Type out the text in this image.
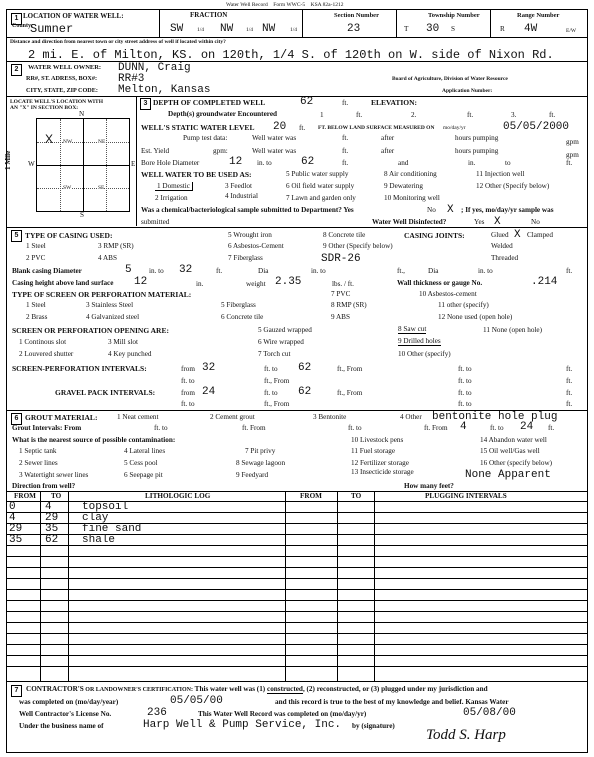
Water Well Record Form WWC-5 KSA 82a-1212
1 LOCATION OF WATER WELL:
County:
Sumner
FRACTION
SW	1/4 NW 1/4 NW	1/4
Section Number
23
Township Number
T 30 S
Range Number
R 4W	E/W
Distance and direction from nearest town or city street address of well if located within city?
2 mi. E. of Milton, KS. on 120th, 1/4 S. of 120th on W. side of Nixon Rd.
2	WATER WELL OWNER: DUNN, Craig
RR#, ST. ADRESS, BOX#: RR#3	Board of Agriculture, Division of Water Resource
CITY, STATE, ZIP CODE: Melton, Kansas	Application Number:
LOCATE WELL'S LOCATION WITH
AN "X" IN SECTION BOX:
3
NW	NE
SW	SE
X
N
S
W	E
1 Mile
DEPTH OF COMPLETED WELL	62	ft.	ELEVATION:
Depth(s) groundwater Encountered	1	ft.	2.	ft.	3.	ft.
WELL'S STATIC WATER LEVEL 20 ft. FT. BELOW LAND SURFACE MEASURED ON mo/day/yr	05/05/2000
Pump test data:	Well water was	ft.	after	hours pumping	gpm
Est. Yield	gpm:	Well water was	ft.	after	hours pumping	gpm
Bore Hole Diameter	12 in. to	62	ft.	and	in.	to	ft.
WELL WATER TO BE USED AS:
1 Domestic
2 Irrigation
3 Feedlot
4 Industrial
5 Public water supply
6 Oil field water supply
7 Lawn and garden only
8 Air conditioning
9 Dewatering
10 Monitoring well
11 Injection well
12 Other (Specify below)
Was a chemical/bacteriological sample submitted to Department? Yes	No X ; If yes, mo/day/yr sample was
submitted	Water Well Disinfected?	Yes X	No
5 TYPE OF CASING USED:
1 Steel
2 PVC
3 RMP (SR)
4 ABS
5 Wrought iron
6 Asbestos-Cement
7 Fiberglass
8 Concrete tile
9 Other (Specify below)
SDR-26
CASING JOINTS:	Glued X Clamped
Welded
Threaded
Blank casing Diameter	5 in. to 32	ft.	Dia	in. to	ft.,	Dia	in. to	ft.
Casing height above land surface 12	in.	weight 2.35	lbs. / ft.	Wall thickness or gauge No.	.214
TYPE OF SCREEN OR PERFORATION MATERIAL:
1 Steel
2 Brass
3 Stainless Steel
4 Galvanized steel
5 Fiberglass
6 Concrete tile
7 PVC
8 RMP (SR)
9 ABS
10 Asbestos-cement
11 other (specify)
12 None used (open hole)
SCREEN OR PERFORATION OPENING ARE:
1 Continous slot
2 Louvered shutter
3 Mill slot
4 Key punched
5 Gauzed wrapped
6 Wire wrapped
7 Torch cut
8 Saw cut
9 Drilled holes
10 Other (specify)
11 None (open hole)
SCREEN-PERFORATION INTERVALS:	from 32	ft. to 62	ft., From	ft. to	ft.
ft. to	ft., From	ft. to	ft.
GRAVEL PACK INTERVALS:	from 24	ft. to 62	ft., From	ft. to	ft.
ft. to	ft., From	ft. to	ft.
6 GROUT MATERIAL:	1 Neat cement	2 Cement grout	3 Bentonite	4 Other bentonite hole plug
Grout Intervals: From	ft. to	ft. From	ft. to	ft. From 4	ft. to 24 ft.
What is the nearest source of possible contamination:
1 Septic tank
2 Sewer lines
3 Watertight sewer lines
4 Lateral lines
5 Cess pool
6 Seepage pit
7 Pit privy
8 Sewage lagoon
9 Feedyard
10 Livestock pens
11 Fuel storage
12 Fertilizer storage
13 Insecticide storage
14 Abandon water well
15 Oil well/Gas well
16 Other (specify below)
None Apparent
Direction from well?	How many feet?
FROM TO	LITHOLOGIC LOG	FROM	TO	PLUGGING INTERVALS
0	4	topsoil
4	29 clay
29 35 fine sand
35 62 shale
7	CONTRACTOR'S OR LANDOWNER'S CERTIFICATION: This water well was (1) constructed, (2) reconstructed, or (3) plugged under my jurisdiction and
was completed on (mo/day/year)	05/05/00	and this record is true to the best of my knowledge and belief. Kansas Water
Well Contractor's License No.	236	This Water Well Record was completed on (mo/day/yr)	05/08/00
Under the business name of	Harp Well & Pump Service, Inc. by (signature)
Todd S. Harp
